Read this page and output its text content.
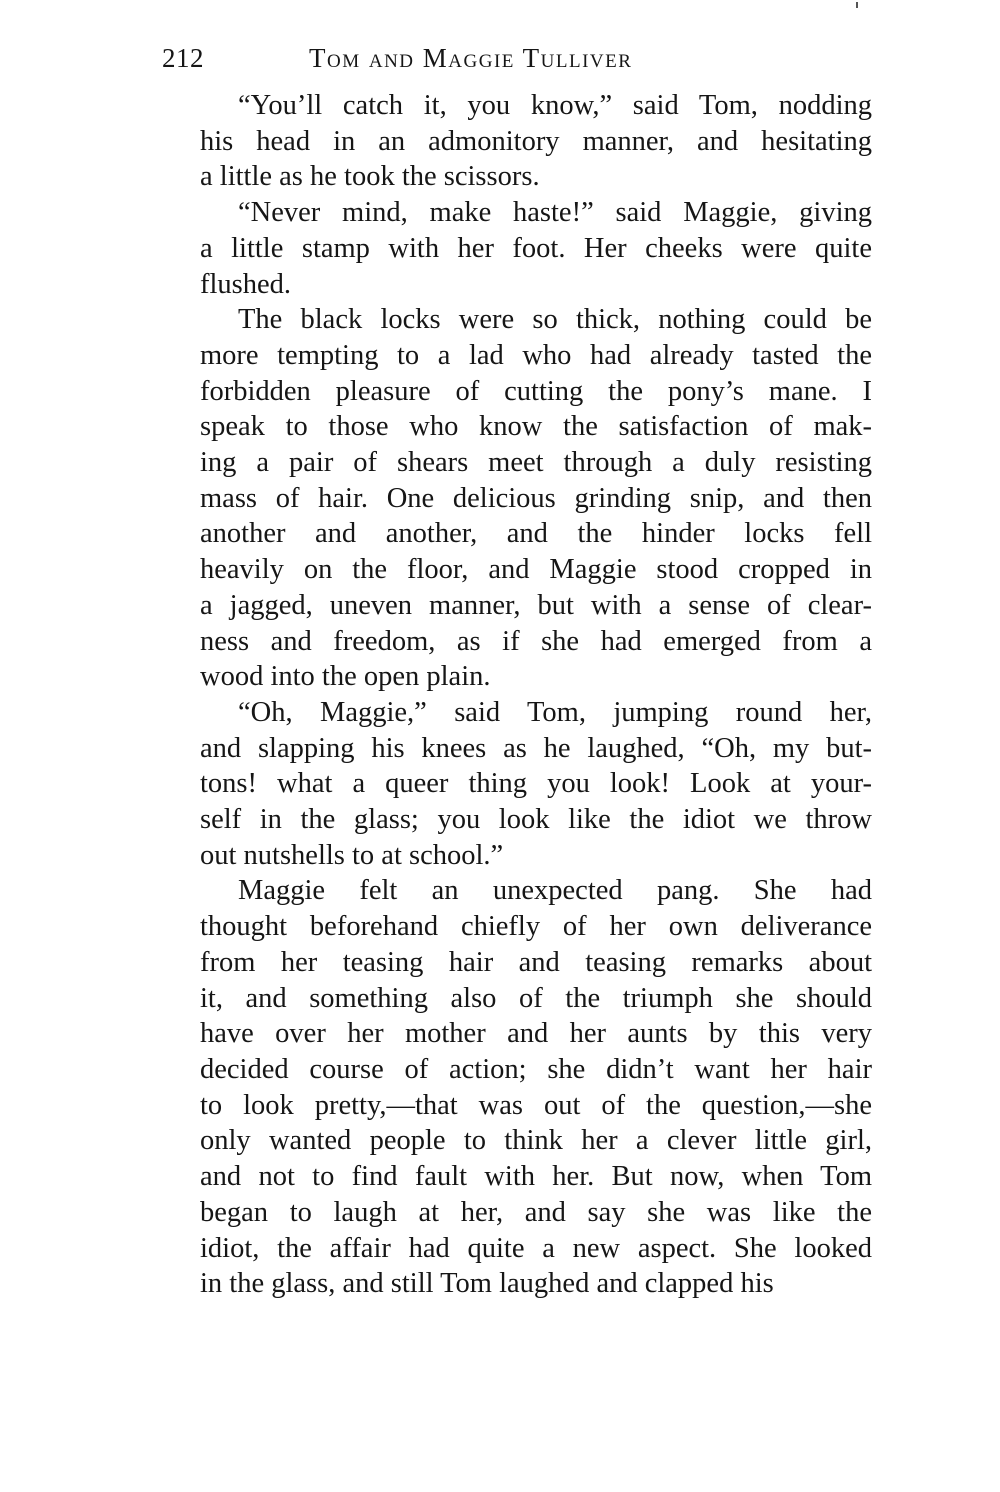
212	Tom and Maggie Tulliver
“You’ll catch it, you know,” said Tom, nodding
his head in an admonitory manner, and hesitating
a little as he took the scissors.
“Never mind, make haste!” said Maggie, giving
a little stamp with her foot. Her cheeks were quite
flushed.
The black locks were so thick, nothing could be
more tempting to a lad who had already tasted the
forbidden pleasure of cutting the pony’s mane. I
speak to those who know the satisfaction of mak-
ing a pair of shears meet through a duly resisting
mass of hair. One delicious grinding snip, and then
another and another, and the hinder locks fell
heavily on the floor, and Maggie stood cropped in
a jagged, uneven manner, but with a sense of clear-
ness and freedom, as if she had emerged from a
wood into the open plain.
“Oh, Maggie,” said Tom, jumping round her,
and slapping his knees as he laughed, “Oh, my but-
tons! what a queer thing you look! Look at your-
self in the glass; you look like the idiot we throw
out nutshells to at school.”
Maggie felt an unexpected pang. She had
thought beforehand chiefly of her own deliverance
from her teasing hair and teasing remarks about
it, and something also of the triumph she should
have over her mother and her aunts by this very
decided course of action; she didn’t want her hair
to look pretty,—that was out of the question,—she
only wanted people to think her a clever little girl,
and not to find fault with her. But now, when Tom
began to laugh at her, and say she was like the
idiot, the affair had quite a new aspect. She looked
in the glass, and still Tom laughed and clapped his
